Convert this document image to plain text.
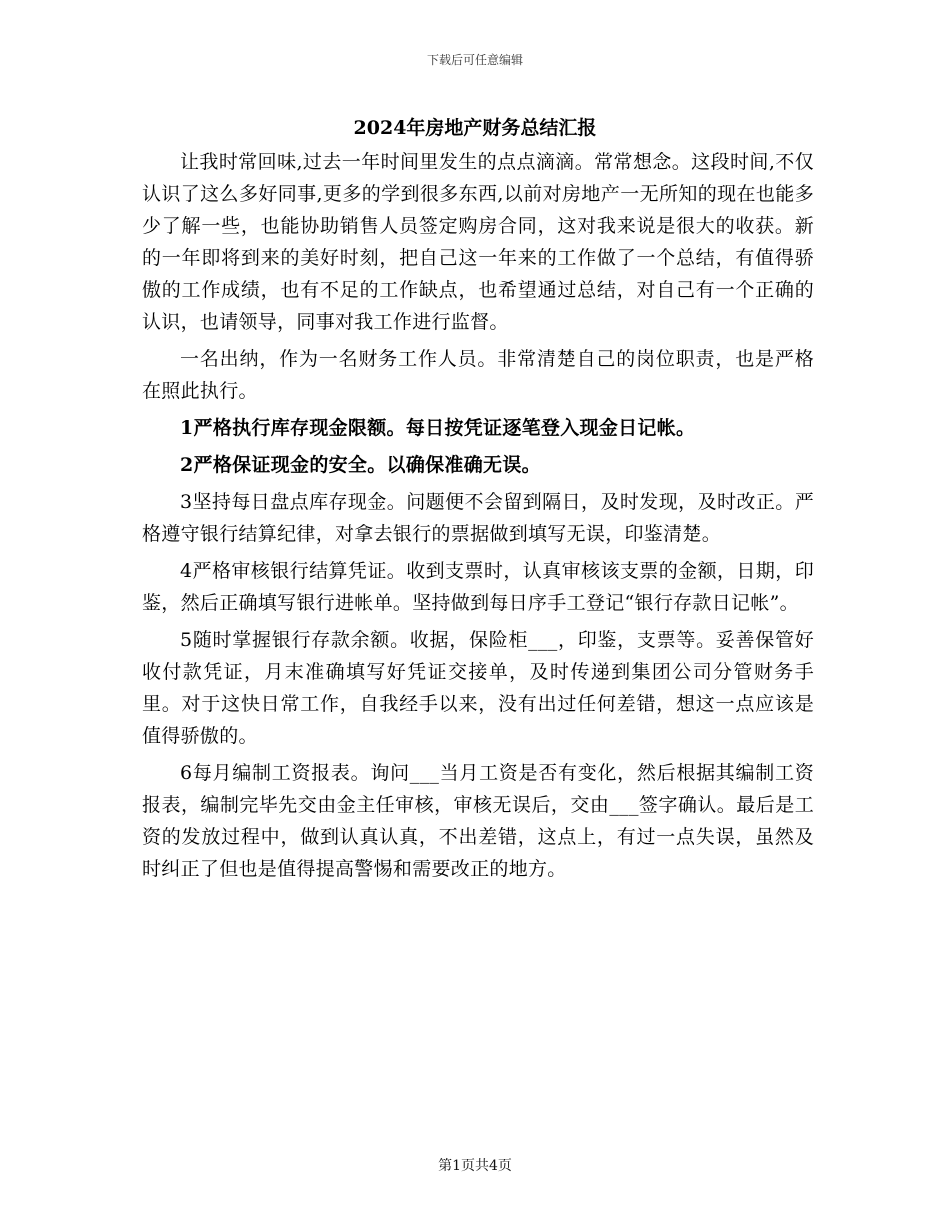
下载后可任意编辑
2024年房地产财务总结汇报

让我时常回味,过去一年时间里发生的点点滴滴。常常想念。这段时间,不仅认识了这么多好同事,更多的学到很多东西,以前对房地产一无所知的现在也能多少了解一些，也能协助销售人员签定购房合同，这对我来说是很大的收获。新的一年即将到来的美好时刻，把自己这一年来的工作做了一个总结，有值得骄傲的工作成绩，也有不足的工作缺点，也希望通过总结，对自己有一个正确的认识，也请领导，同事对我工作进行监督。

一名出纳，作为一名财务工作人员。非常清楚自己的岗位职责，也是严格在照此执行。

1严格执行库存现金限额。每日按凭证逐笔登入现金日记帐。

2严格保证现金的安全。以确保准确无误。

3坚持每日盘点库存现金。问题便不会留到隔日，及时发现，及时改正。严格遵守银行结算纪律，对拿去银行的票据做到填写无误，印鉴清楚。

4严格审核银行结算凭证。收到支票时，认真审核该支票的金额，日期，印鉴，然后正确填写银行进帐单。坚持做到每日序手工登记“银行存款日记帐”。

5随时掌握银行存款余额。收据，保险柜___，印鉴，支票等。妥善保管好收付款凭证，月末准确填写好凭证交接单，及时传递到集团公司分管财务手里。对于这快日常工作，自我经手以来，没有出过任何差错，想这一点应该是值得骄傲的。

6每月编制工资报表。询问___当月工资是否有变化，然后根据其编制工资报表，编制完毕先交由金主任审核，审核无误后，交由___签字确认。最后是工资的发放过程中，做到认真认真，不出差错，这点上，有过一点失误，虽然及时纠正了但也是值得提高警惕和需要改正的地方。

第1页共4页
